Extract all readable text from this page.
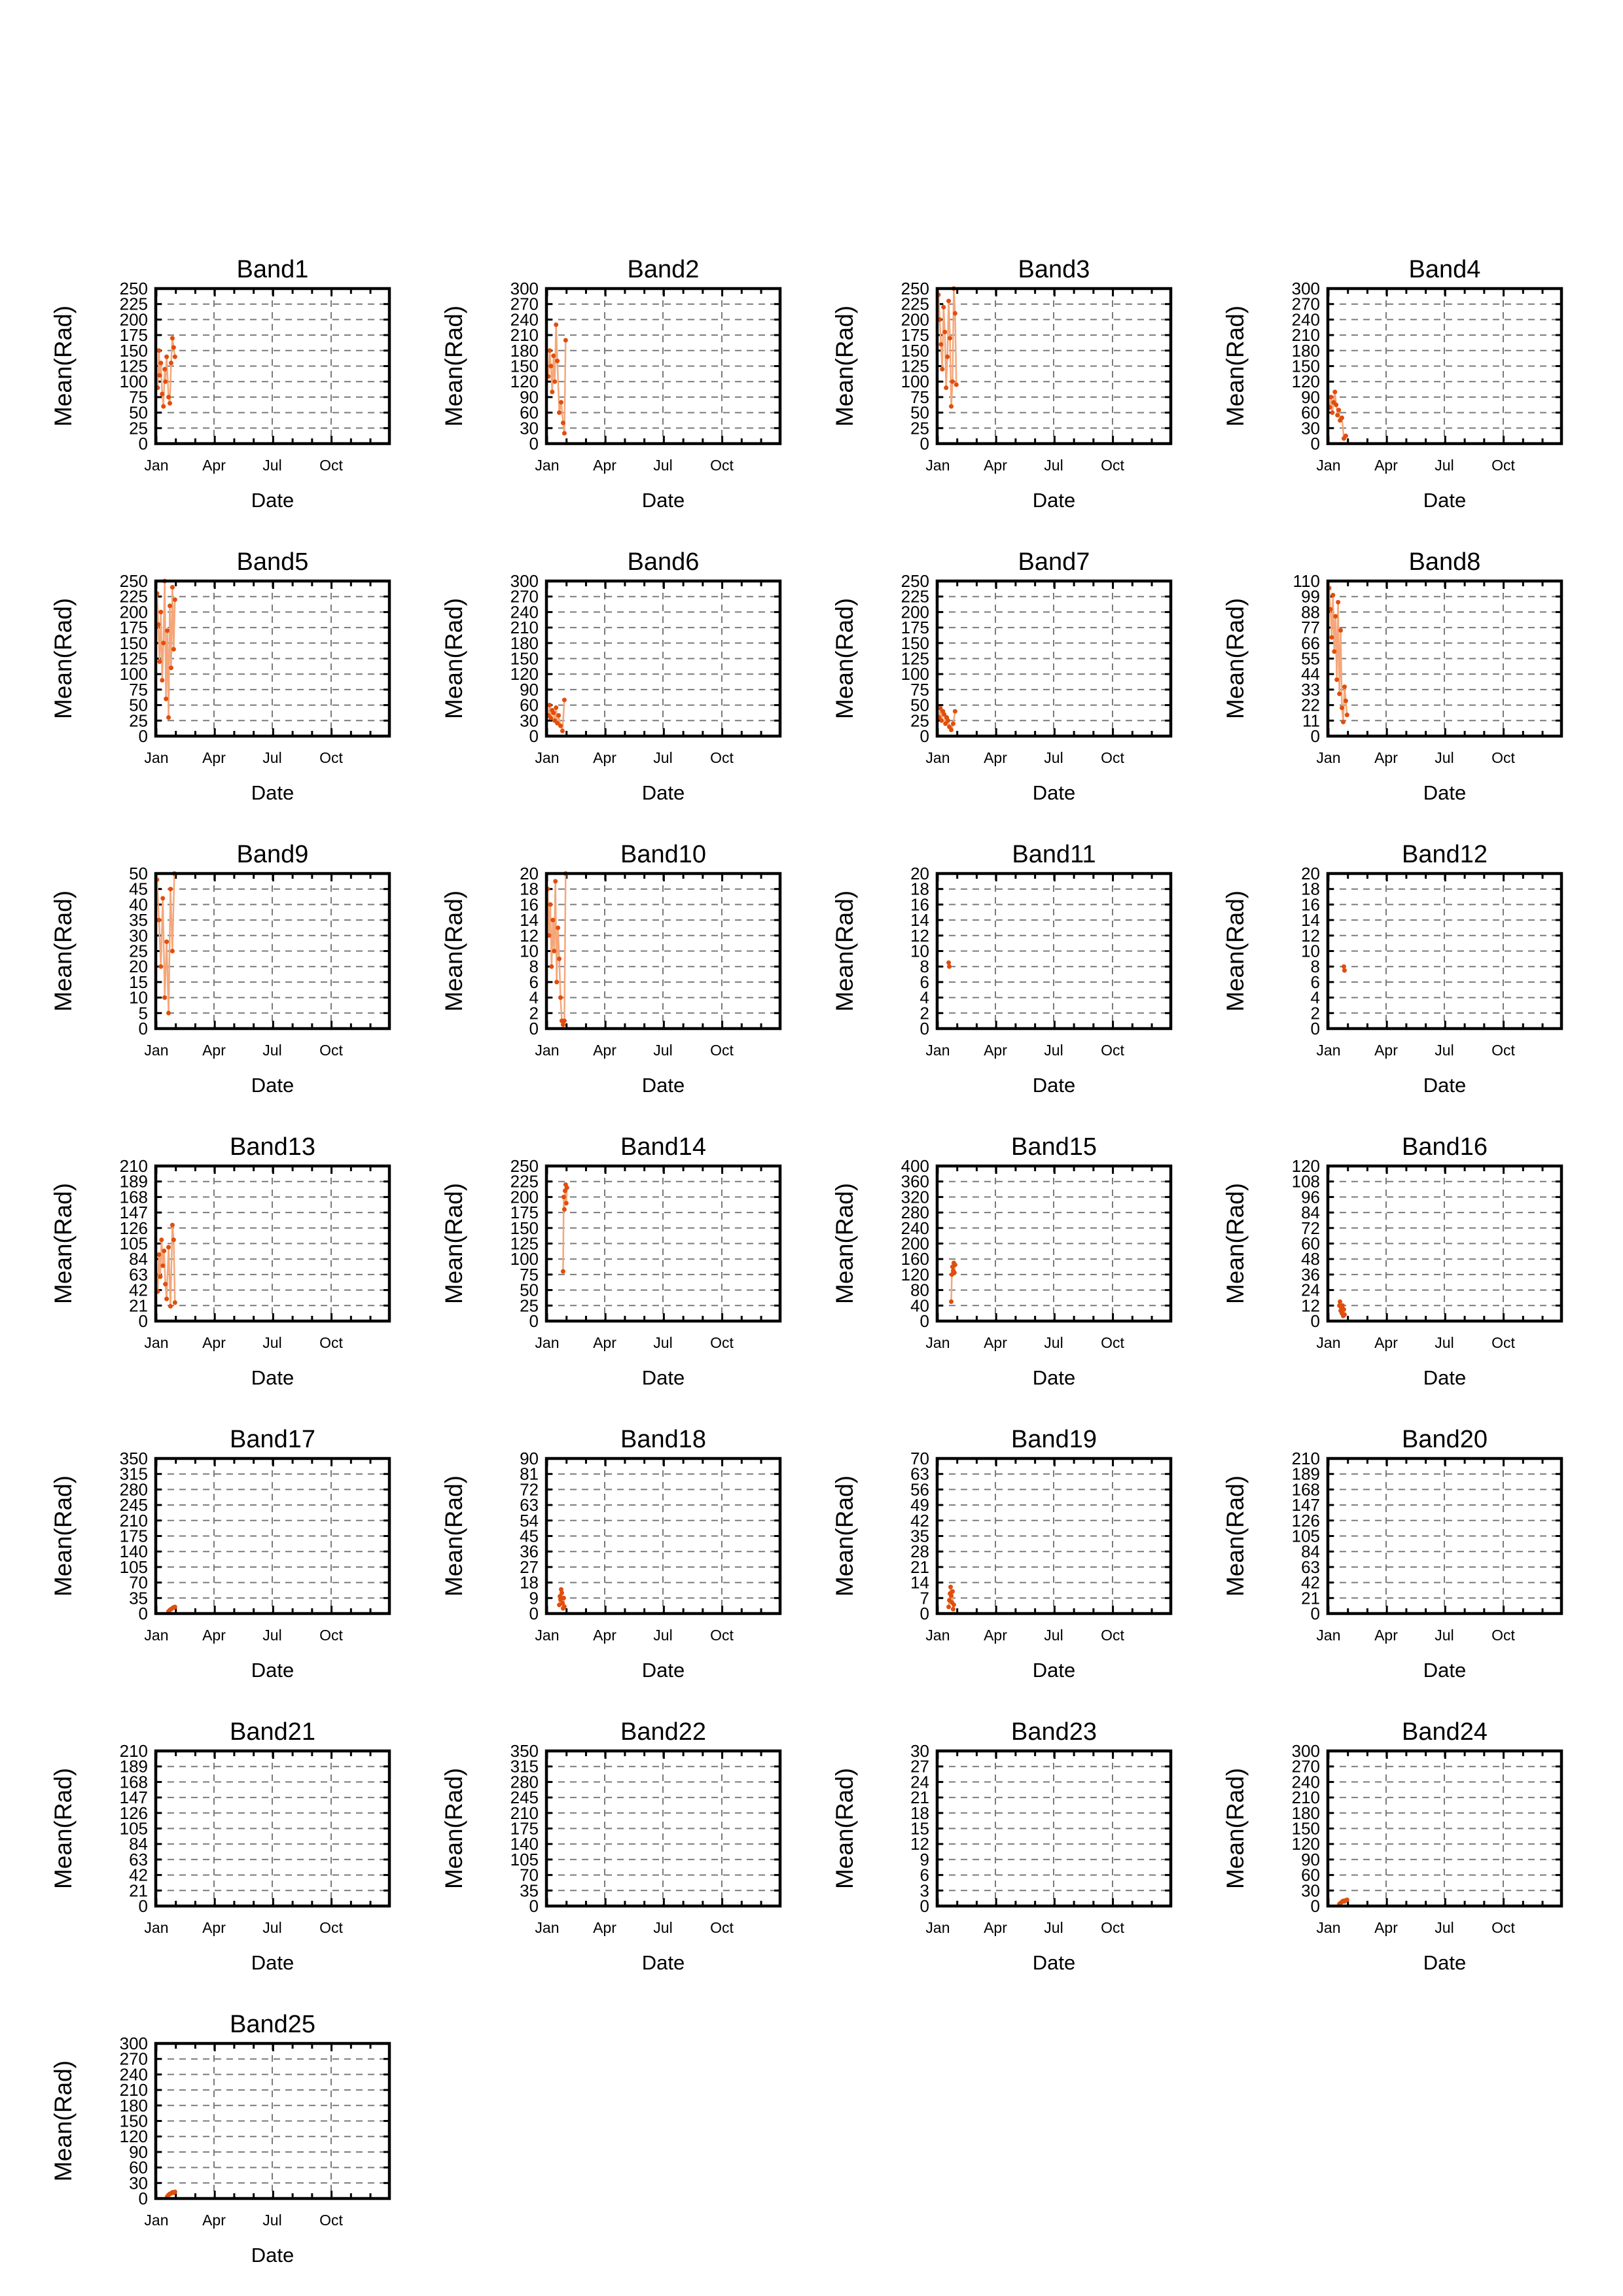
0
25
50
75
100
125
150
175
200
225
250
Jan Apr Jul Oct
Band1
Date
Mean(Rad)
0
30
60
90
120
150
180
210
240
270
300
Jan Apr Jul Oct
Band2
Date
Mean(Rad)
0
25
50
75
100
125
150
175
200
225
250
Jan Apr Jul Oct
Band3
Date
Mean(Rad)
0
30
60
90
120
150
180
210
240
270
300
Jan Apr Jul Oct
Band4
Date
Mean(Rad)
0
25
50
75
100
125
150
175
200
225
250
Jan Apr Jul Oct
Band5
Date
Mean(Rad)
0
30
60
90
120
150
180
210
240
270
300
Jan Apr Jul Oct
Band6
Date
Mean(Rad)
0
25
50
75
100
125
150
175
200
225
250
Jan Apr Jul Oct
Band7
Date
Mean(Rad)
0
11
22
33
44
55
66
77
88
99
110
Jan Apr Jul Oct
Band8
Date
Mean(Rad)
0
5
10
15
20
25
30
35
40
45
50
Jan Apr Jul Oct
Band9
Date
Mean(Rad)
0
2
4
6
8
10
12
14
16
18
20
Jan Apr Jul Oct
Band10
Date
Mean(Rad)
0
2
4
6
8
10
12
14
16
18
20
Jan Apr Jul Oct
Band11
Date
Mean(Rad)
0
2
4
6
8
10
12
14
16
18
20
Jan Apr Jul Oct
Band12
Date
Mean(Rad)
0
21
42
63
84
105
126
147
168
189
210
Jan Apr Jul Oct
Band13
Date
Mean(Rad)
0
25
50
75
100
125
150
175
200
225
250
Jan Apr Jul Oct
Band14
Date
Mean(Rad)
0
40
80
120
160
200
240
280
320
360
400
Jan Apr Jul Oct
Band15
Date
Mean(Rad)
0
12
24
36
48
60
72
84
96
108
120
Jan Apr Jul Oct
Band16
Date
Mean(Rad)
0
35
70
105
140
175
210
245
280
315
350
Jan Apr Jul Oct
Band17
Date
Mean(Rad)
0
9
18
27
36
45
54
63
72
81
90
Jan Apr Jul Oct
Band18
Date
Mean(Rad)
0
7
14
21
28
35
42
49
56
63
70
Jan Apr Jul Oct
Band19
Date
Mean(Rad)
0
21
42
63
84
105
126
147
168
189
210
Jan Apr Jul Oct
Band20
Date
Mean(Rad)
0
21
42
63
84
105
126
147
168
189
210
Jan Apr Jul Oct
Band21
Date
Mean(Rad)
0
35
70
105
140
175
210
245
280
315
350
Jan Apr Jul Oct
Band22
Date
Mean(Rad)
0
3
6
9
12
15
18
21
24
27
30
Jan Apr Jul Oct
Band23
Date
Mean(Rad)
0
30
60
90
120
150
180
210
240
270
300
Jan Apr Jul Oct
Band24
Date
Mean(Rad)
0
30
60
90
120
150
180
210
240
270
300
Jan Apr Jul Oct
Band25
Date
Mean(Rad)
